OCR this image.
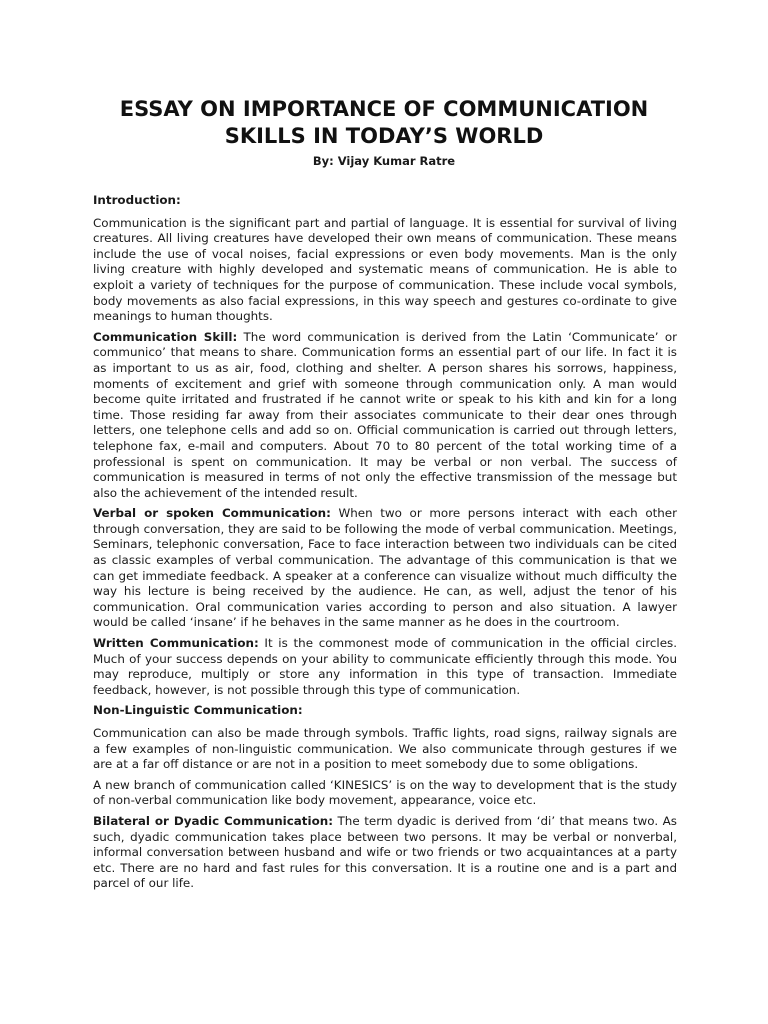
ESSAY ON IMPORTANCE OF COMMUNICATION
SKILLS IN TODAY’S WORLD
By: Vijay Kumar Ratre
Introduction:

Communication is the significant part and partial of language. It is essential for survival of living creatures. All living creatures have developed their own means of communication. These means include the use of vocal noises, facial expressions or even body movements. Man is the only living creature with highly developed and systematic means of communication. He is able to exploit a variety of techniques for the purpose of communication. These include vocal symbols, body movements as also facial expressions, in this way speech and gestures co-ordinate to give meanings to human thoughts.

Communication Skill: The word communication is derived from the Latin ‘Communicate’ or communico’ that means to share. Communication forms an essential part of our life. In fact it is as important to us as air, food, clothing and shelter. A person shares his sorrows, happiness, moments of excitement and grief with someone through communication only. A man would become quite irritated and frustrated if he cannot write or speak to his kith and kin for a long time. Those residing far away from their associates communicate to their dear ones through letters, one telephone cells and add so on. Official communication is carried out through letters, telephone fax, e-mail and computers. About 70 to 80 percent of the total working time of a professional is spent on communication. It may be verbal or non verbal. The success of communication is measured in terms of not only the effective transmission of the message but also the achievement of the intended result.

Verbal or spoken Communication: When two or more persons interact with each other through conversation, they are said to be following the mode of verbal communication. Meetings, Seminars, telephonic conversation, Face to face interaction between two individuals can be cited as classic examples of verbal communication. The advantage of this communication is that we can get immediate feedback. A speaker at a conference can visualize without much difficulty the way his lecture is being received by the audience. He can, as well, adjust the tenor of his communication. Oral communication varies according to person and also situation. A lawyer would be called ‘insane’ if he behaves in the same manner as he does in the courtroom.

Written Communication: It is the commonest mode of communication in the official circles. Much of your success depends on your ability to communicate efficiently through this mode. You may reproduce, multiply or store any information in this type of transaction. Immediate feedback, however, is not possible through this type of communication.

Non-Linguistic Communication:

Communication can also be made through symbols. Traffic lights, road signs, railway signals are a few examples of non-linguistic communication. We also communicate through gestures if we are at a far off distance or are not in a position to meet somebody due to some obligations.

A new branch of communication called ‘KINESICS’ is on the way to development that is the study of non-verbal communication like body movement, appearance, voice etc.

Bilateral or Dyadic Communication: The term dyadic is derived from ‘di’ that means two. As such, dyadic communication takes place between two persons. It may be verbal or nonverbal, informal conversation between husband and wife or two friends or two acquaintances at a party etc. There are no hard and fast rules for this conversation. It is a routine one and is a part and parcel of our life.
